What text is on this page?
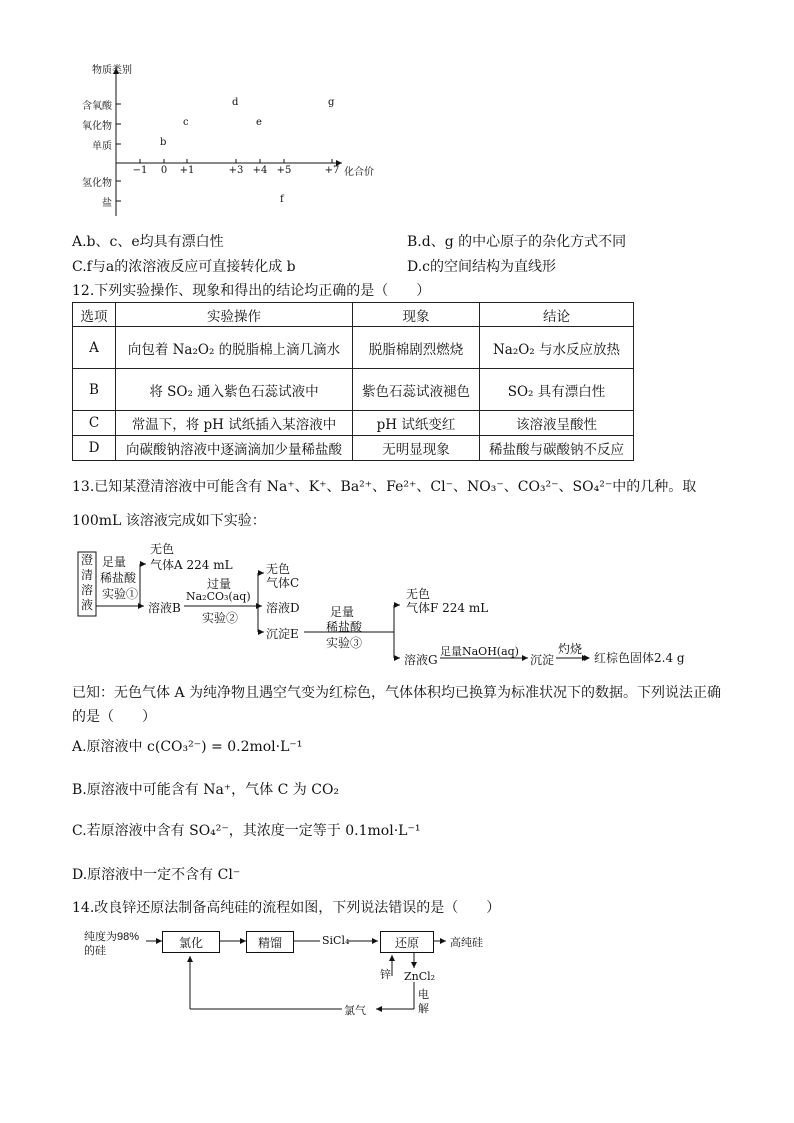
物质类别
化合价
含氧酸
氧化物
单质
氢化物
盐
−1	0	+1	+3 +4 +5	+7
b
c
d
e
f
g
A.b、c、e均具有漂白性	B.d、g 的中心原子的杂化方式不同
C.f与a的浓溶液反应可直接转化成 b	D.c的空间结构为直线形
12.下列实验操作、现象和得出的结论均正确的是（　　）
选项	实验操作	现象	结论
A	向包着 Na₂O₂ 的脱脂棉上滴几滴水	脱脂棉剧烈燃烧	Na₂O₂ 与水反应放热
B	将 SO₂ 通入紫色石蕊试液中	紫色石蕊试液褪色	SO₂ 具有漂白性
C	常温下，将 pH 试纸插入某溶液中	pH 试纸变红	该溶液呈酸性
D	向碳酸钠溶液中逐滴滴加少量稀盐酸	无明显现象	稀盐酸与碳酸钠不反应
13.已知某澄清溶液中可能含有 Na⁺、K⁺、Ba²⁺、Fe²⁺、Cl⁻、NO₃⁻、CO₃²⁻、SO₄²⁻中的几种。取
100mL 该溶液完成如下实验：
澄清溶液
足量
稀盐酸
实验①
无色
气体A 224 mL
溶液B
过量
Na₂CO₃(aq)
实验②
无色
气体C
溶液D
沉淀E
足量
稀盐酸
实验③
无色
气体F 224 mL
溶液G
足量NaOH(aq)
沉淀
灼烧
红棕色固体2.4 g
已知：无色气体 A 为纯净物且遇空气变为红棕色，气体体积均已换算为标准状况下的数据。下列说法正确
的是（　　）
A.原溶液中 c(CO₃²⁻) = 0.2mol·L⁻¹
B.原溶液中可能含有 Na⁺，气体 C 为 CO₂
C.若原溶液中含有 SO₄²⁻，其浓度一定等于 0.1mol·L⁻¹
D.原溶液中一定不含有 Cl⁻
14.改良锌还原法制备高纯硅的流程如图，下列说法错误的是（　　）
纯度为98%
的硅
氯化	精馏	SiCl₄	还原	高纯硅
锌 ZnCl₂
电
解
氯气
